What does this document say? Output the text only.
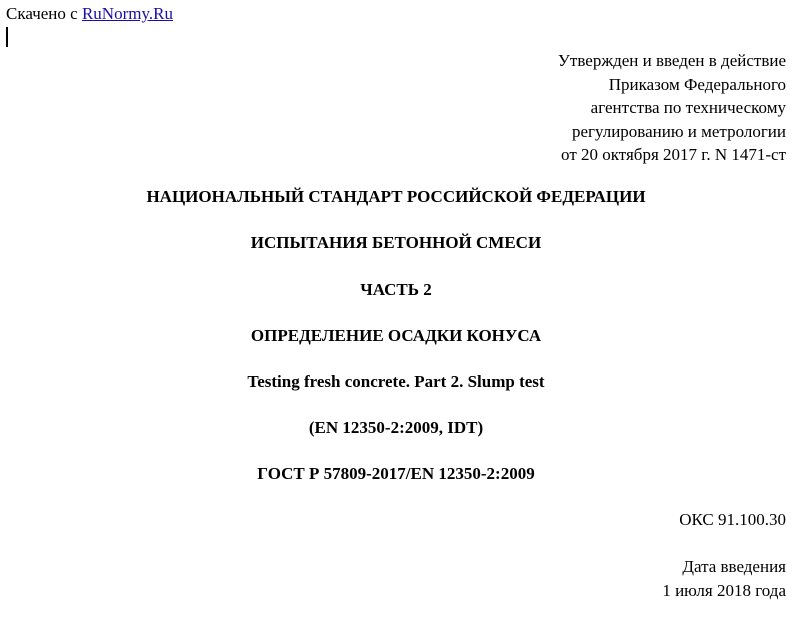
Скачено с RuNormy.Ru
Утвержден и введен в действие
Приказом Федерального
агентства по техническому
регулированию и метрологии
от 20 октября 2017 г. N 1471-ст
НАЦИОНАЛЬНЫЙ СТАНДАРТ РОССИЙСКОЙ ФЕДЕРАЦИИ
ИСПЫТАНИЯ БЕТОННОЙ СМЕСИ
ЧАСТЬ 2
ОПРЕДЕЛЕНИЕ ОСАДКИ КОНУСА
Testing fresh concrete. Part 2. Slump test
(EN 12350-2:2009, IDT)
ГОСТ Р 57809-2017/EN 12350-2:2009
ОКС 91.100.30
Дата введения
1 июля 2018 года
